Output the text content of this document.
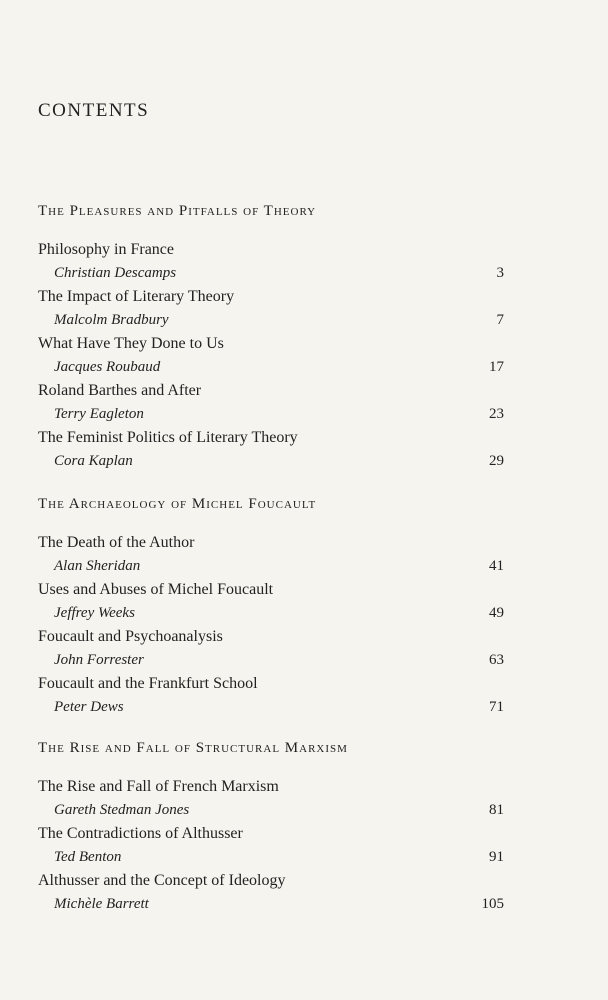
CONTENTS
The Pleasures and Pitfalls of Theory
Philosophy in France
Christian Descamps	3
The Impact of Literary Theory
Malcolm Bradbury	7
What Have They Done to Us
Jacques Roubaud	17
Roland Barthes and After
Terry Eagleton	23
The Feminist Politics of Literary Theory
Cora Kaplan	29
The Archaeology of Michel Foucault
The Death of the Author
Alan Sheridan	41
Uses and Abuses of Michel Foucault
Jeffrey Weeks	49
Foucault and Psychoanalysis
John Forrester	63
Foucault and the Frankfurt School
Peter Dews	71
The Rise and Fall of Structural Marxism
The Rise and Fall of French Marxism
Gareth Stedman Jones	81
The Contradictions of Althusser
Ted Benton	91
Althusser and the Concept of Ideology
Michèle Barrett	105
